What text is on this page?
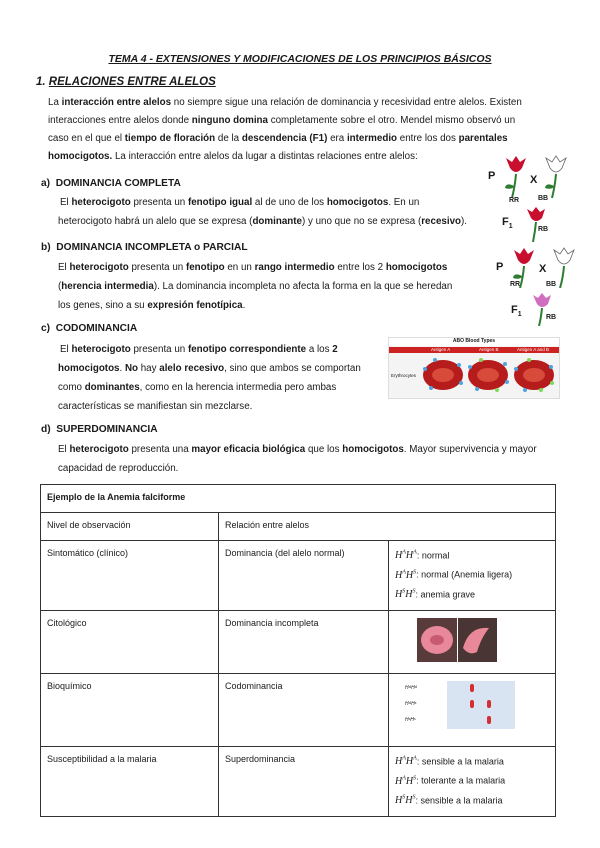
TEMA 4 - EXTENSIONES Y MODIFICACIONES DE LOS PRINCIPIOS BÁSICOS
1. RELACIONES ENTRE ALELOS
La interacción entre alelos no siempre sigue una relación de dominancia y recesividad entre alelos. Existen
interacciones entre alelos donde ninguno domina completamente sobre el otro. Mendel mismo observó un
caso en el que el tiempo de floración de la descendencia (F1) era intermedio entre los dos parentales
homocigotos. La interacción entre alelos da lugar a distintas relaciones entre alelos:
a) DOMINANCIA COMPLETA
El heterocigoto presenta un fenotipo igual al de uno de los homocigotos. En un
heterocigoto habrá un alelo que se expresa (dominante) y uno que no se expresa (recesivo).
b) DOMINANCIA INCOMPLETA o PARCIAL
El heterocigoto presenta un fenotipo en un rango intermedio entre los 2 homocigotos
(herencia intermedia). La dominancia incompleta no afecta la forma en la que se heredan
los genes, sino a su expresión fenotípica.
c) CODOMINANCIA
El heterocigoto presenta un fenotipo correspondiente a los 2
homocigotos. No hay alelo recesivo, sino que ambos se comportan
como dominantes, como en la herencia intermedia pero ambas
características se manifiestan sin mezclarse.
d) SUPERDOMINANCIA
El heterocigoto presenta una mayor eficacia biológica que los homocigotos. Mayor supervivencia y mayor
capacidad de reproducción.
P	X
RR	BB
$F_1$	RB
P	X
RR	BB
$F_1$	RB
ABO Blood Types
Antigen A	Antigen B	Antigen A and B
Erythrocytes
Ejemplo de la Anemia falciforme		
Nivel de observación	Relación entre alelos	
Sintomático (clínico)	Dominancia (del alelo normal)	$H^AH^A$: normal
$H^AH^S$: normal (Anemia ligera)
$H^SH^S$: anemia grave

Citológico	Dominancia incompleta	
Bioquímico	Codominancia	HᴬHᴬ
HᴬHˢ
HˢHˢ

Susceptibilidad a la malaria	Superdominancia	$H^AH^A$: sensible a la malaria
$H^AH^S$: tolerante a la malaria
$H^SH^S$: sensible a la malaria
